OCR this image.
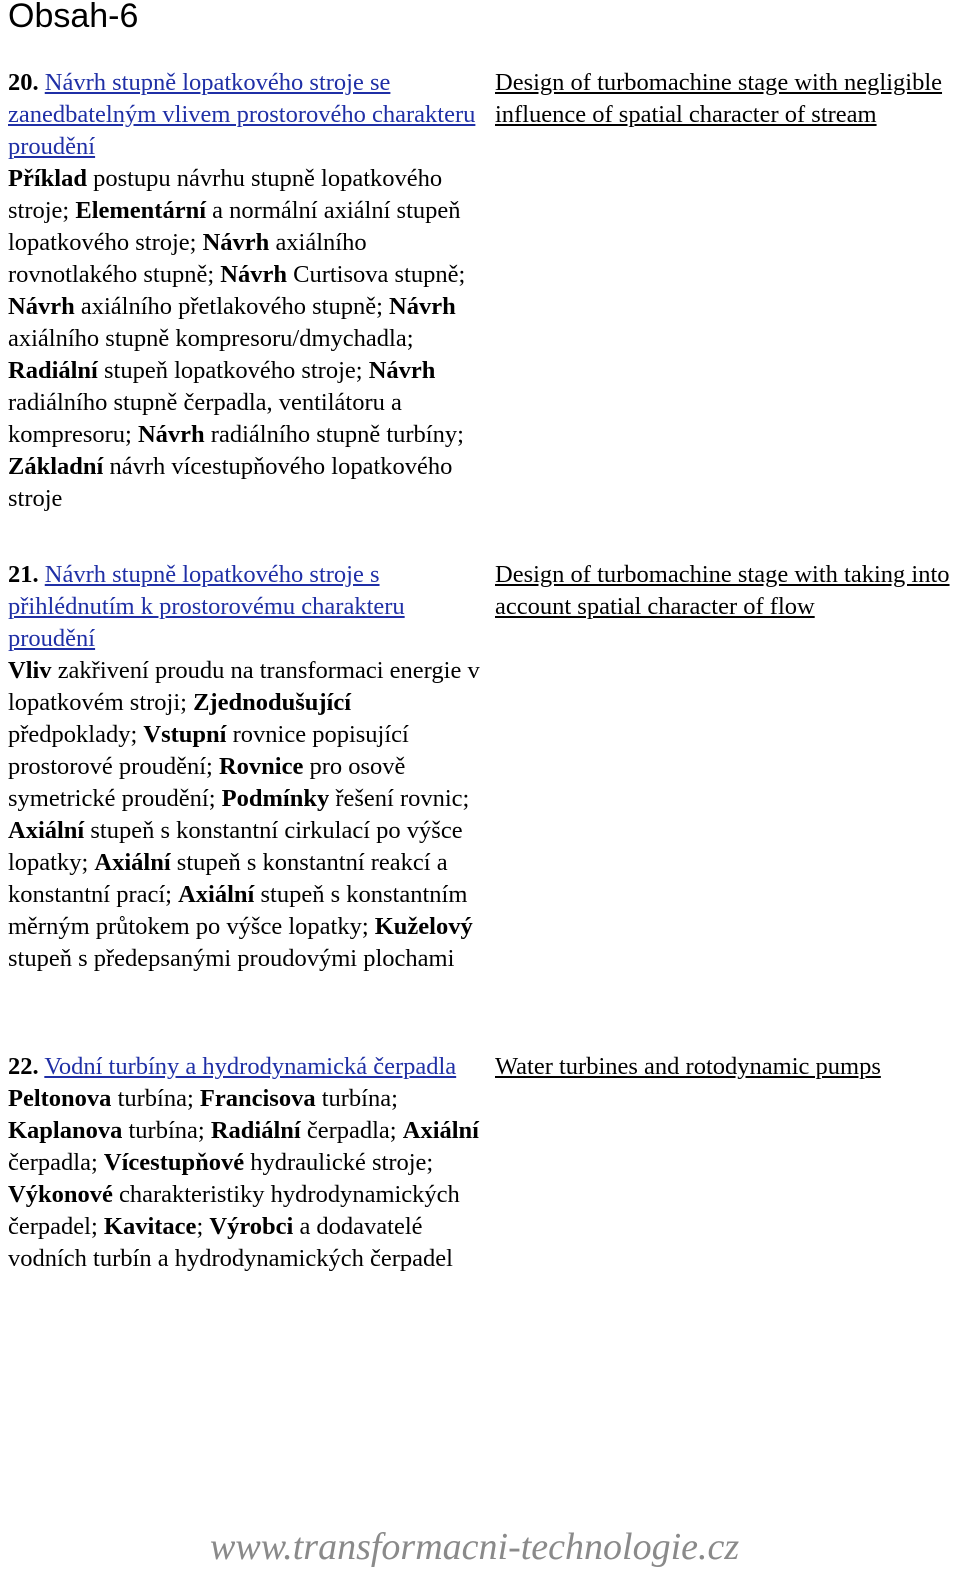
Obsah-6
20. Návrh stupně lopatkového stroje se zanedbatelným vlivem prostorového charakteru proudění
Příklad postupu návrhu stupně lopatkového stroje; Elementární a normální axiální stupeň lopatkového stroje; Návrh axiálního rovnotlakého stupně; Návrh Curtisova stupně; Návrh axiálního přetlakového stupně; Návrh axiálního stupně kompresoru/dmychadla; Radiální stupeň lopatkového stroje; Návrh radiálního stupně čerpadla, ventilátoru a kompresoru; Návrh radiálního stupně turbíny; Základní návrh vícestupňového lopatkového stroje
Design of turbomachine stage with negligible influence of spatial character of stream
21. Návrh stupně lopatkového stroje s přihlédnutím k prostorovému charakteru proudění
Vliv zakřivení proudu na transformaci energie v lopatkovém stroji; Zjednodušující předpoklady; Vstupní rovnice popisující prostorové proudění; Rovnice pro osově symetrické proudění; Podmínky řešení rovnic; Axiální stupeň s konstantní cirkulací po výšce lopatky; Axiální stupeň s konstantní reakcí a konstantní prací; Axiální stupeň s konstantním měrným průtokem po výšce lopatky; Kuželový stupeň s předepsanými proudovými plochami
Design of turbomachine stage with taking into account spatial character of flow
22. Vodní turbíny a hydrodynamická čerpadla
Peltonova turbína; Francisova turbína; Kaplanova turbína; Radiální čerpadla; Axiální čerpadla; Vícestupňové hydraulické stroje; Výkonové charakteristiky hydrodynamických čerpadel; Kavitace; Výrobci a dodavatelé vodních turbín a hydrodynamických čerpadel
Water turbines and rotodynamic pumps
www.transformacni-technologie.cz
